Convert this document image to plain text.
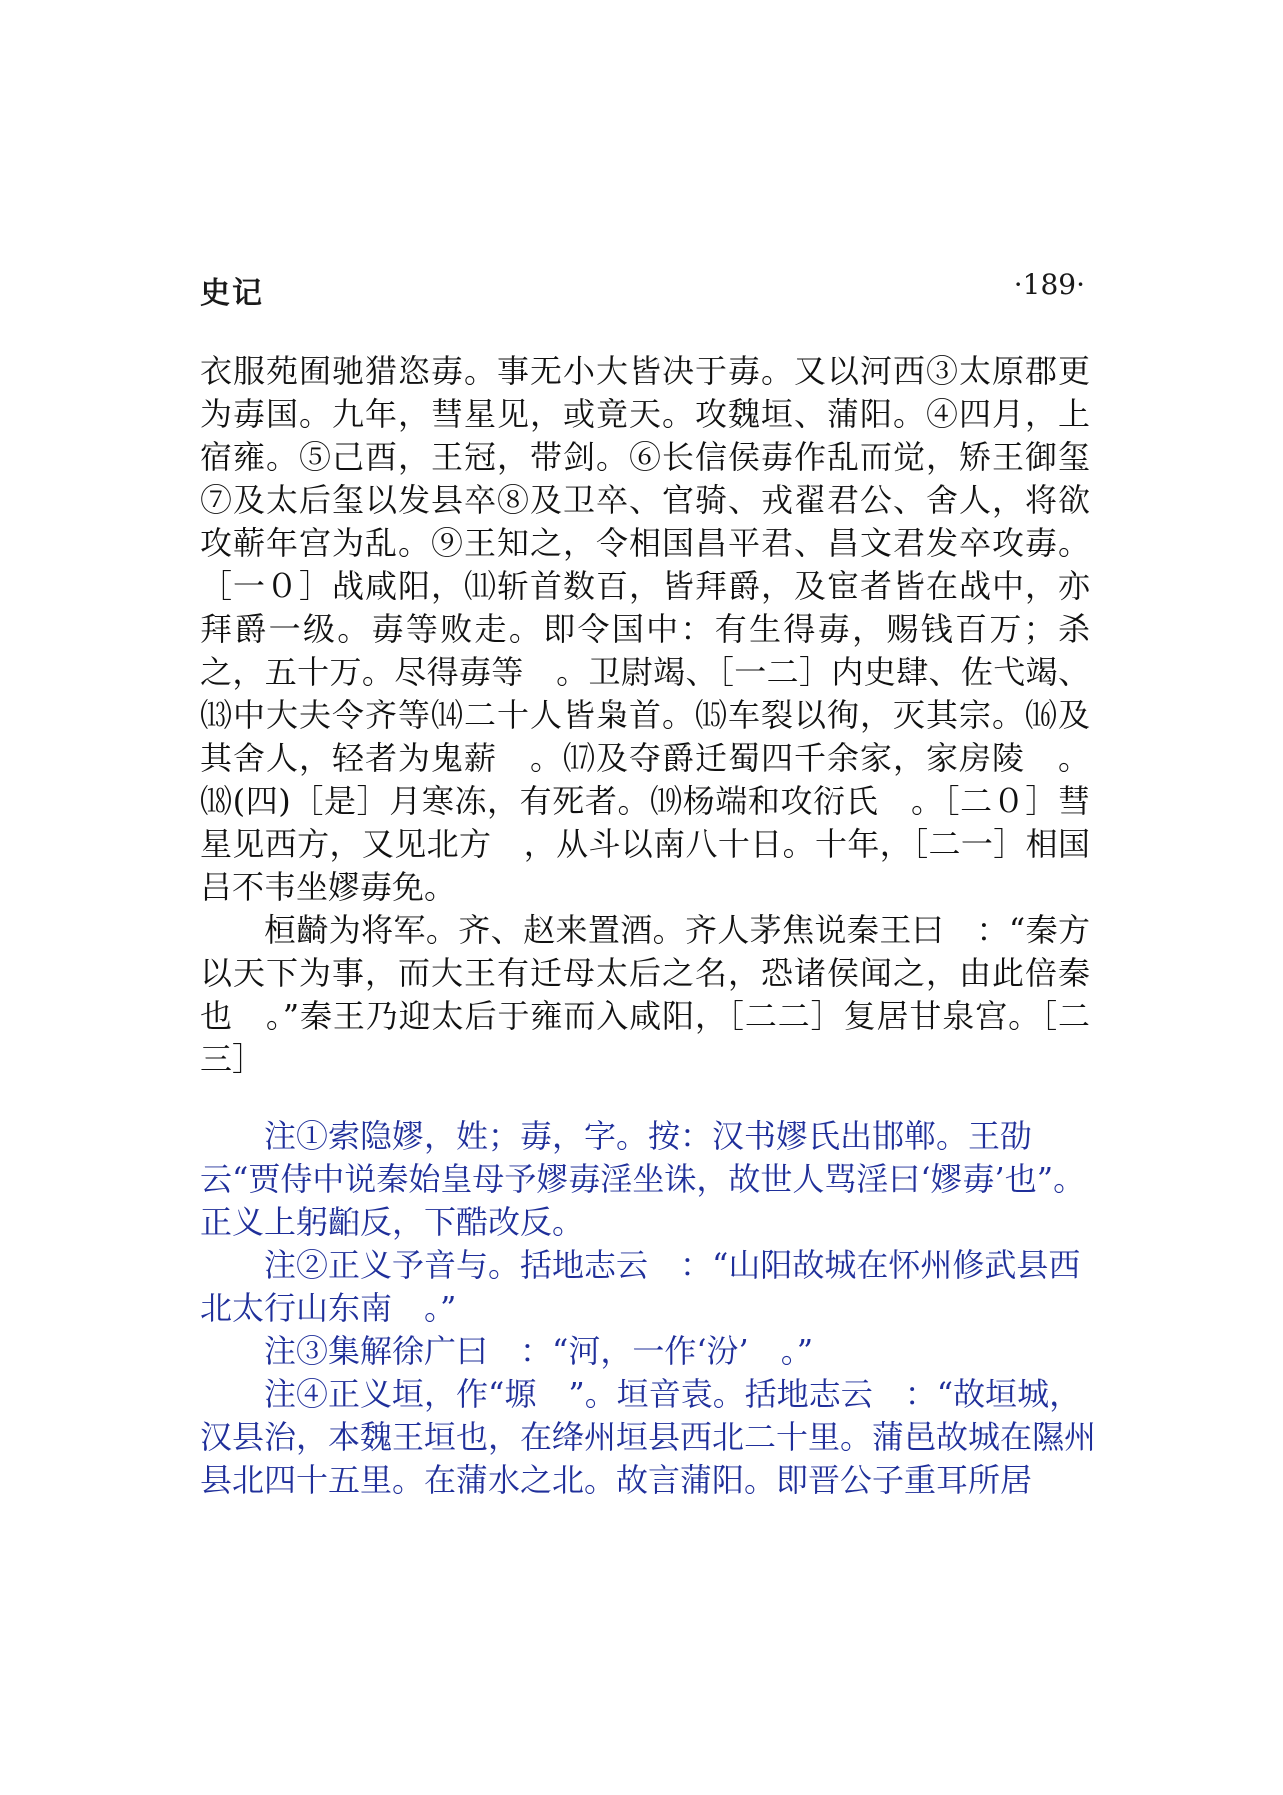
史记	·189·

衣服苑囿驰猎恣毐。事无小大皆决于毐。又以河西③太原郡更为毐国。九年，彗星见，或竟天。攻魏垣、蒲阳。④四月，上宿雍。⑤己酉，王冠，带剑。⑥长信侯毐作乱而觉，矫王御玺⑦及太后玺以发县卒⑧及卫卒、官骑、戎翟君公、舍人，将欲攻蕲年宫为乱。⑨王知之，令相国昌平君、昌文君发卒攻毐。［一０］战咸阳，⑾斩首数百，皆拜爵，及宦者皆在战中，亦拜爵一级。毐等败走。即令国中：有生得毐，赐钱百万；杀之，五十万。尽得毐等　。卫尉竭、［一二］内史肆、佐弋竭、⒀中大夫令齐等⒁二十人皆枭首。⒂车裂以徇，灭其宗。⒃及其舍人，轻者为鬼薪　。⒄及夺爵迁蜀四千余家，家房陵　。⒅(四)［是］月寒冻，有死者。⒆杨端和攻衍氏　。［二０］彗星见西方，又见北方　，从斗以南八十日。十年，［二一］相国吕不韦坐嫪毐免。

桓齮为将军。齐、赵来置酒。齐人茅焦说秦王曰　：“秦方以天下为事，而大王有迁母太后之名，恐诸侯闻之，由此倍秦也　。”秦王乃迎太后于雍而入咸阳，［二二］复居甘泉宫。［二三］

注①索隐嫪，姓；毐，字。按：汉书嫪氏出邯郸。王劭云“贾侍中说秦始皇母予嫪毐淫坐诛，故世人骂淫曰‘嫪毐’也”。正义上躬齨反，下酷改反。

注②正义予音与。括地志云　：“山阳故城在怀州修武县西北太行山东南　。”

注③集解徐广曰　：“河，一作‘汾’　。”

注④正义垣，作“塬　”。垣音袁。括地志云　：“故垣城，汉县治，本魏王垣也，在绛州垣县西北二十里。蒲邑故城在隰州县北四十五里。在蒲水之北。故言蒲阳。即晋公子重耳所居
